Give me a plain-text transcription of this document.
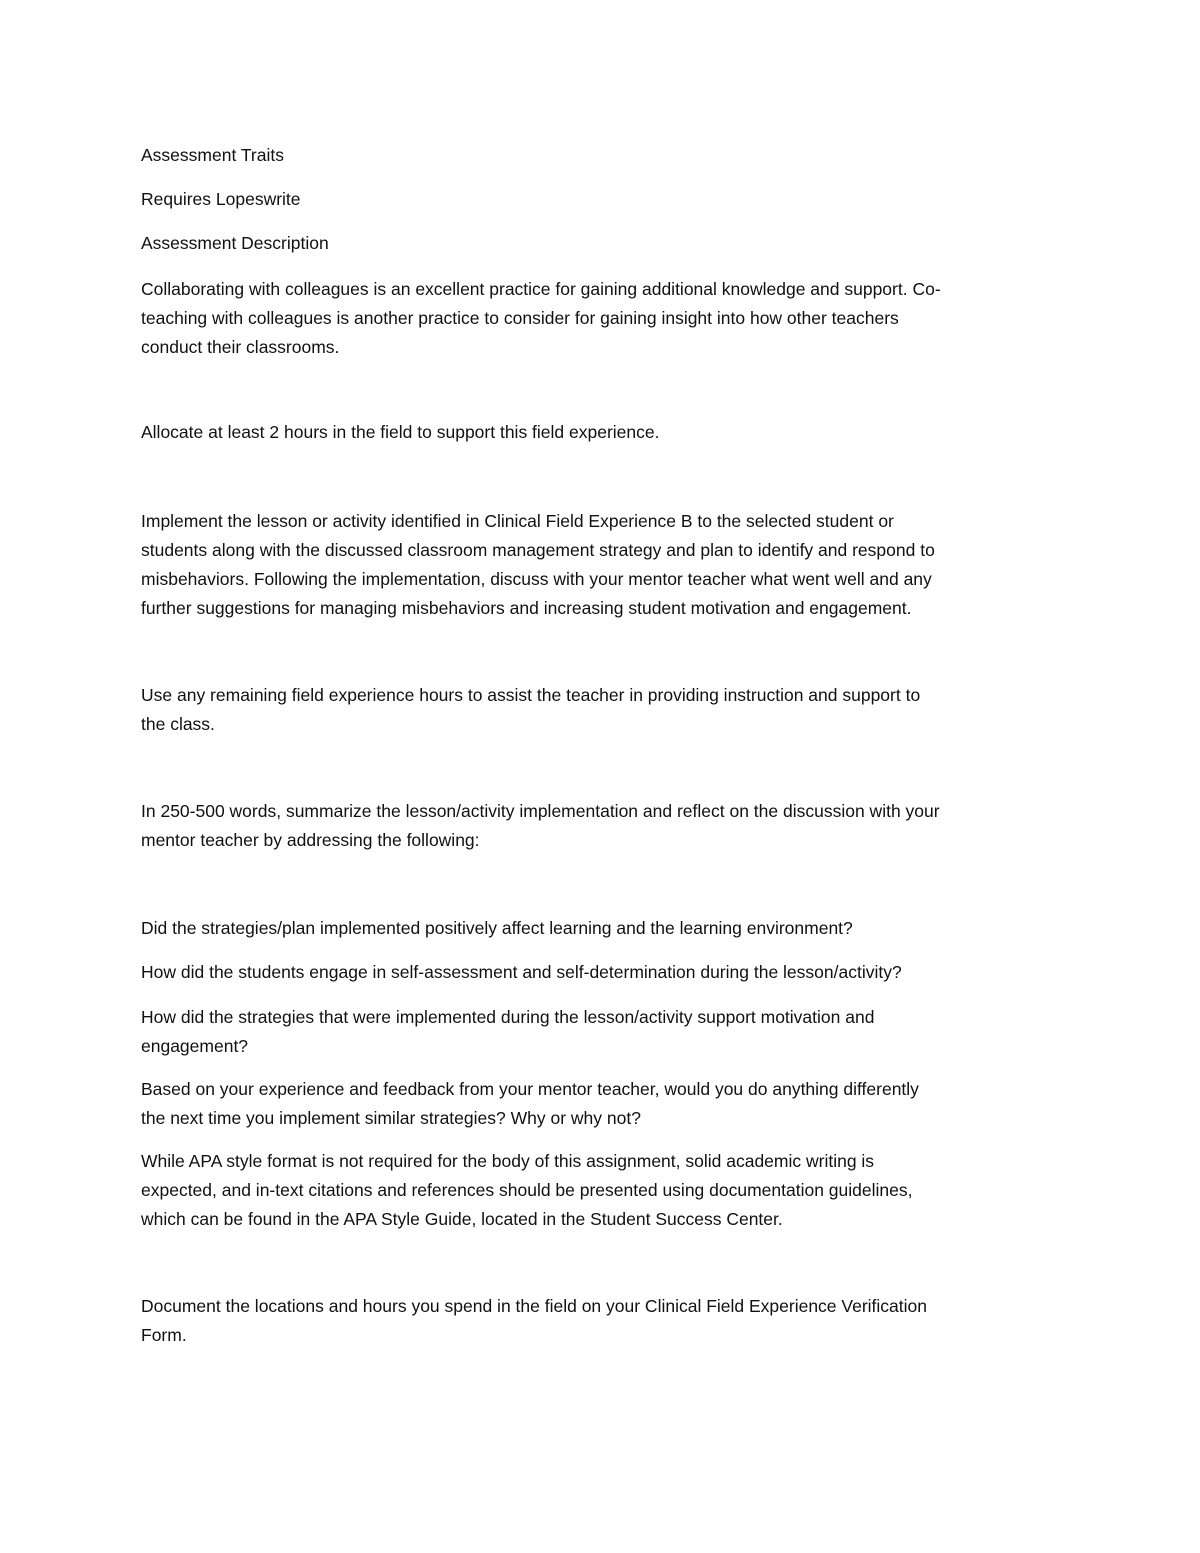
Assessment Traits

Requires Lopeswrite

Assessment Description

Collaborating with colleagues is an excellent practice for gaining additional knowledge and support. Co-
teaching with colleagues is another practice to consider for gaining insight into how other teachers
conduct their classrooms.

Allocate at least 2 hours in the field to support this field experience.

Implement the lesson or activity identified in Clinical Field Experience B to the selected student or
students along with the discussed classroom management strategy and plan to identify and respond to
misbehaviors. Following the implementation, discuss with your mentor teacher what went well and any
further suggestions for managing misbehaviors and increasing student motivation and engagement.

Use any remaining field experience hours to assist the teacher in providing instruction and support to
the class.

In 250-500 words, summarize the lesson/activity implementation and reflect on the discussion with your
mentor teacher by addressing the following:

Did the strategies/plan implemented positively affect learning and the learning environment?

How did the students engage in self-assessment and self-determination during the lesson/activity?

How did the strategies that were implemented during the lesson/activity support motivation and
engagement?

Based on your experience and feedback from your mentor teacher, would you do anything differently
the next time you implement similar strategies? Why or why not?

While APA style format is not required for the body of this assignment, solid academic writing is
expected, and in-text citations and references should be presented using documentation guidelines,
which can be found in the APA Style Guide, located in the Student Success Center.

Document the locations and hours you spend in the field on your Clinical Field Experience Verification
Form.
